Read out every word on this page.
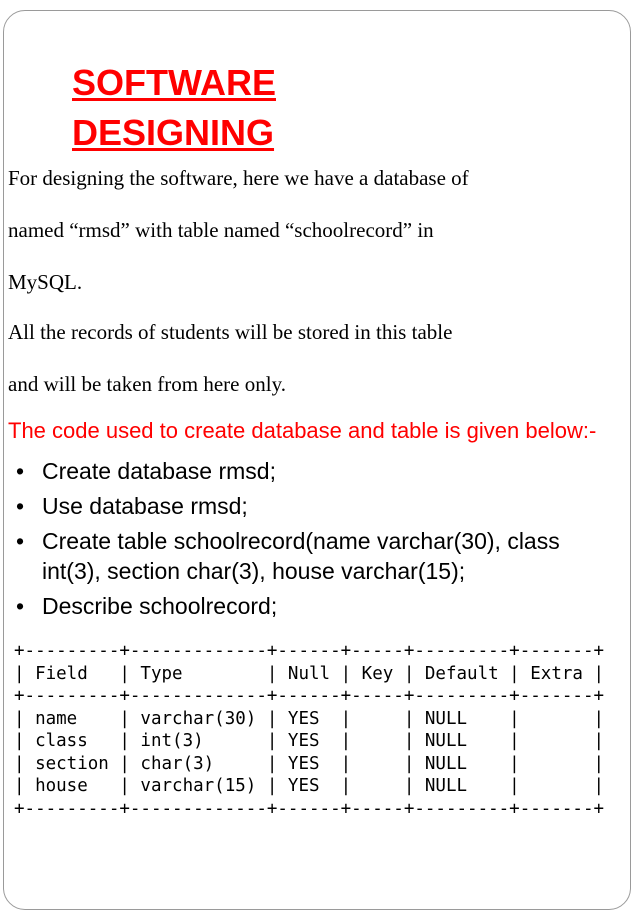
SOFTWARE
DESIGNING

For designing the software, here we have a database of

named “rmsd” with table named “schoolrecord” in

MySQL.

All the records of students will be stored in this table

and will be taken from here only.

The code used to create database and table is given below:-

• Create database rmsd;
• Use database rmsd;
• Create table schoolrecord(name varchar(30), class int(3), section char(3), house varchar(15);
• Describe schoolrecord;
+---------+-------------+------+-----+---------+-------+
| Field   | Type        | Null | Key | Default | Extra |
+---------+-------------+------+-----+---------+-------+
| name    | varchar(30) | YES  |     | NULL    |       |
| class   | int(3)      | YES  |     | NULL    |       |
| section | char(3)     | YES  |     | NULL    |       |
| house   | varchar(15) | YES  |     | NULL    |       |
+---------+-------------+------+-----+---------+-------+
